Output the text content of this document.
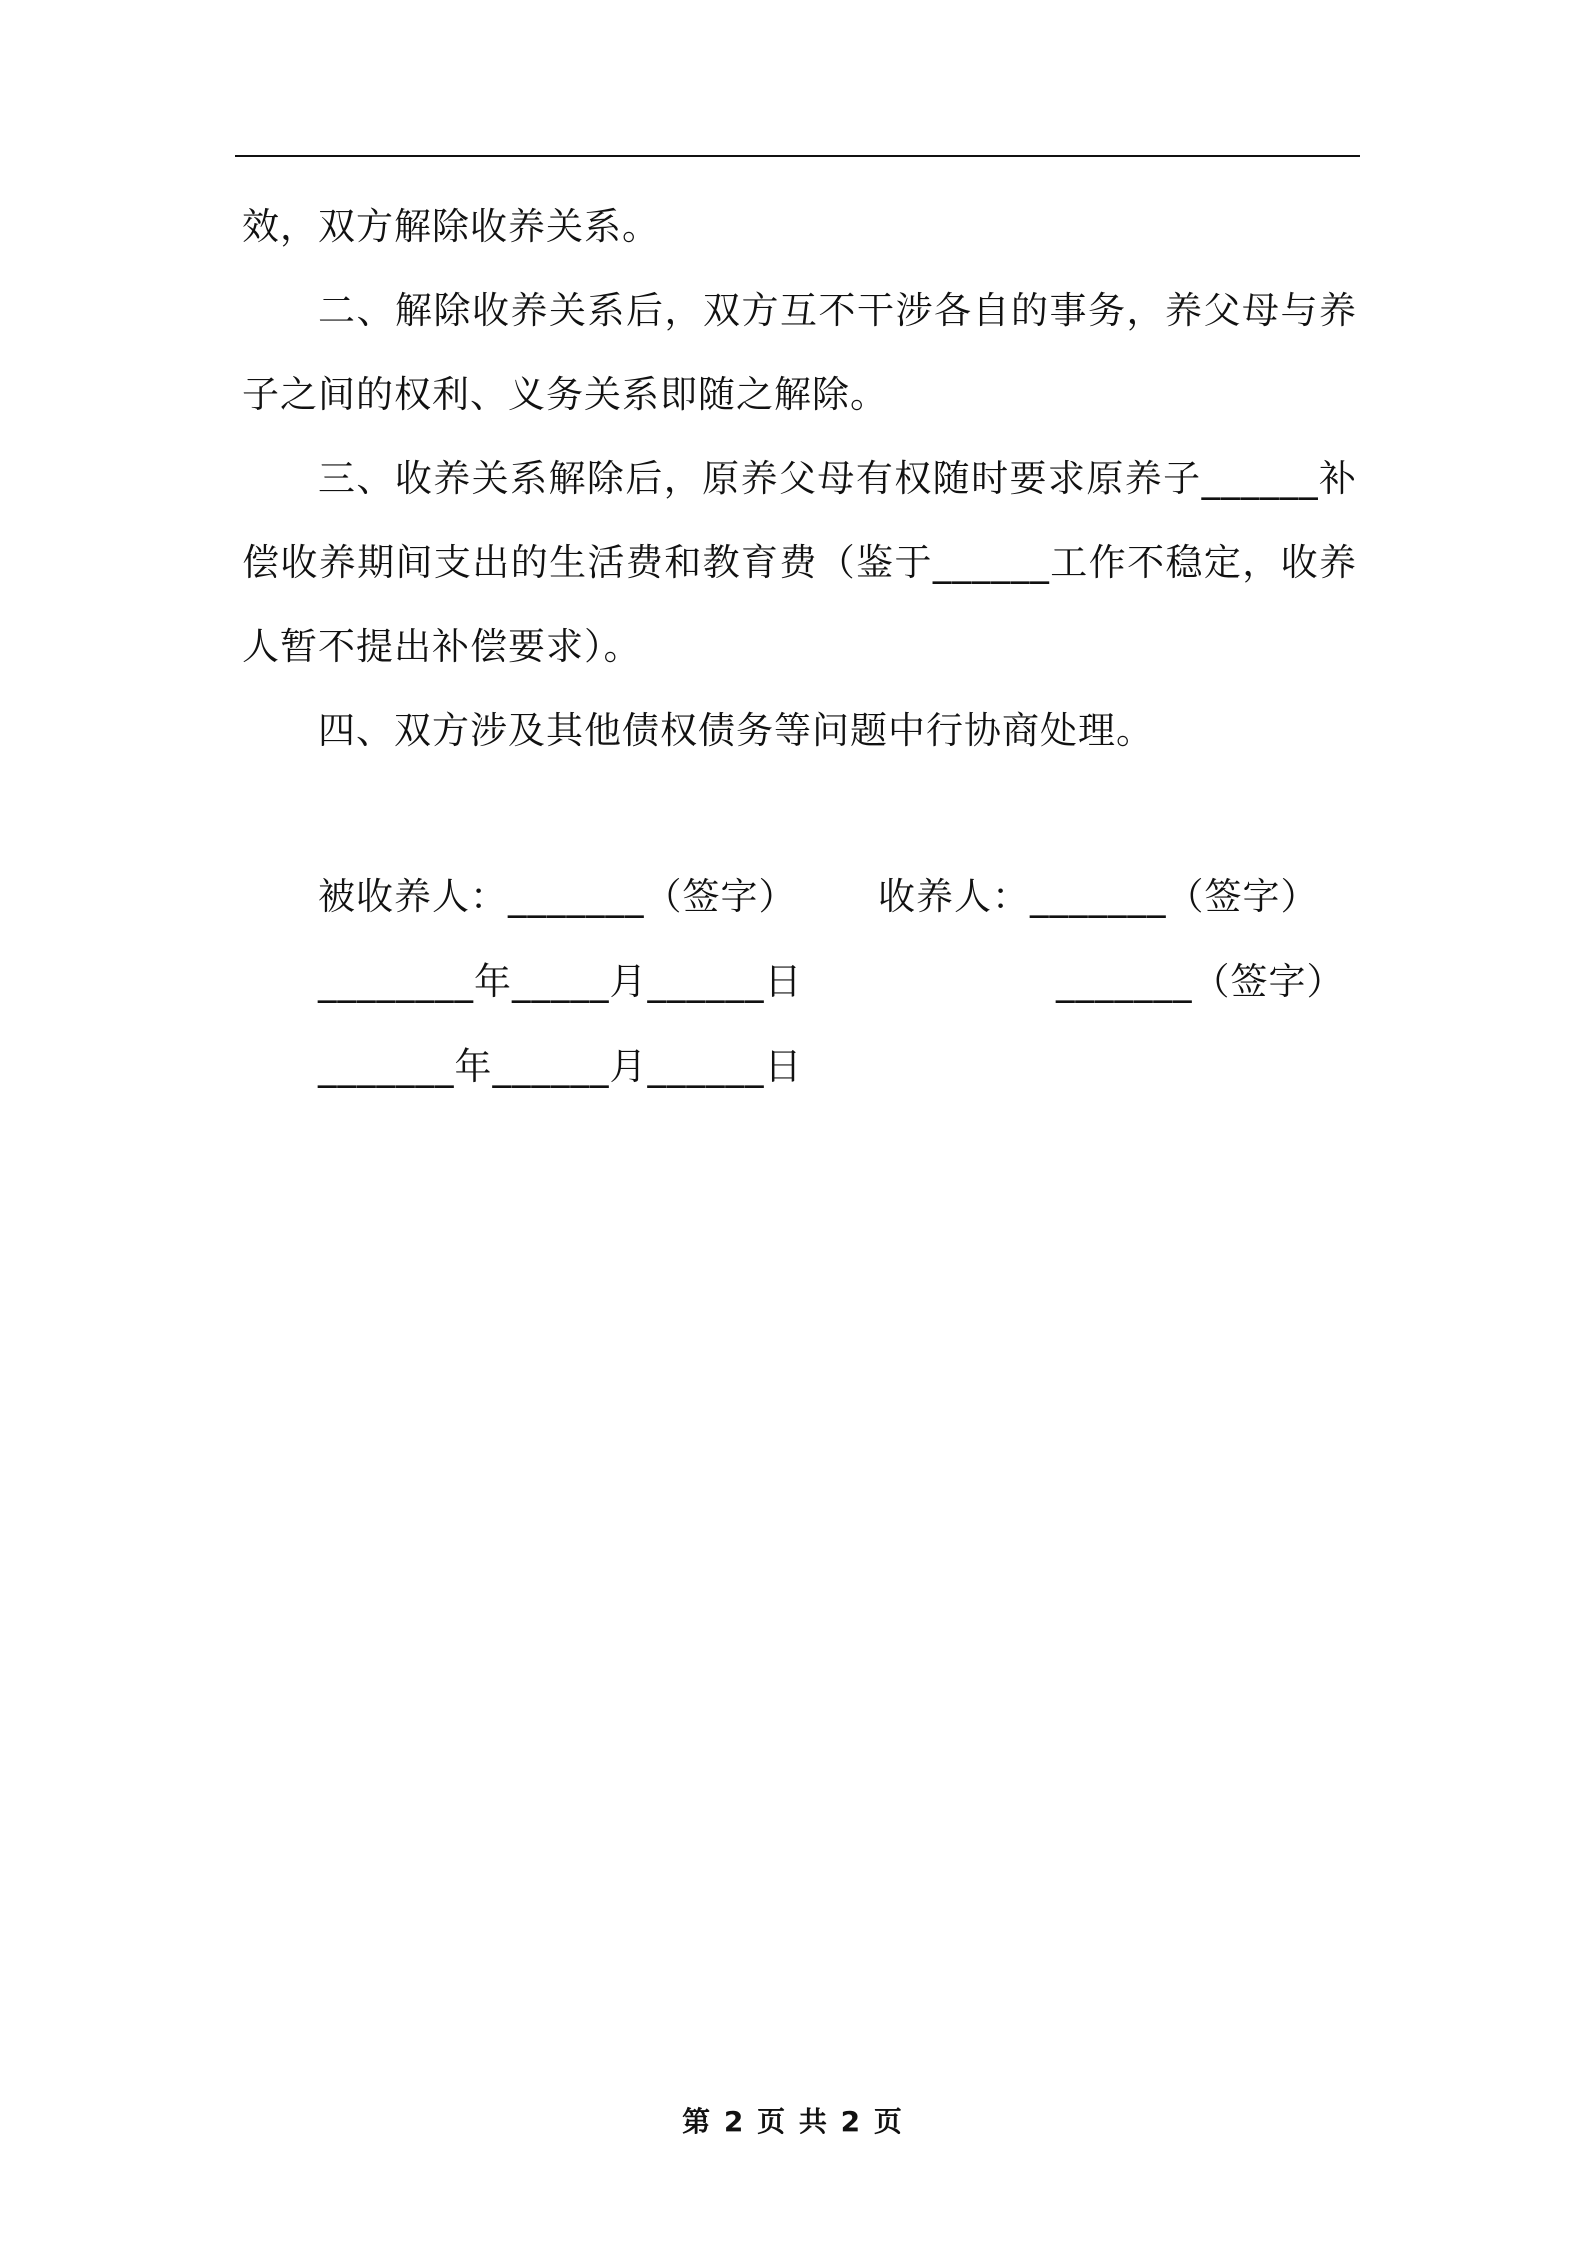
效，双方解除收养关系。

二、解除收养关系后，双方互不干涉各自的事务，养父母与养子之间的权利、义务关系即随之解除。

三、收养关系解除后，原养父母有权随时要求原养子______补偿收养期间支出的生活费和教育费（鉴于______工作不稳定，收养人暂不提出补偿要求）。

四、双方涉及其他债权债务等问题中行协商处理。

被收养人：_______（签字） 收养人：_______（签字）
________年_____月______日	_______（签字）
_______年______月______日
第 2 页 共 2 页
